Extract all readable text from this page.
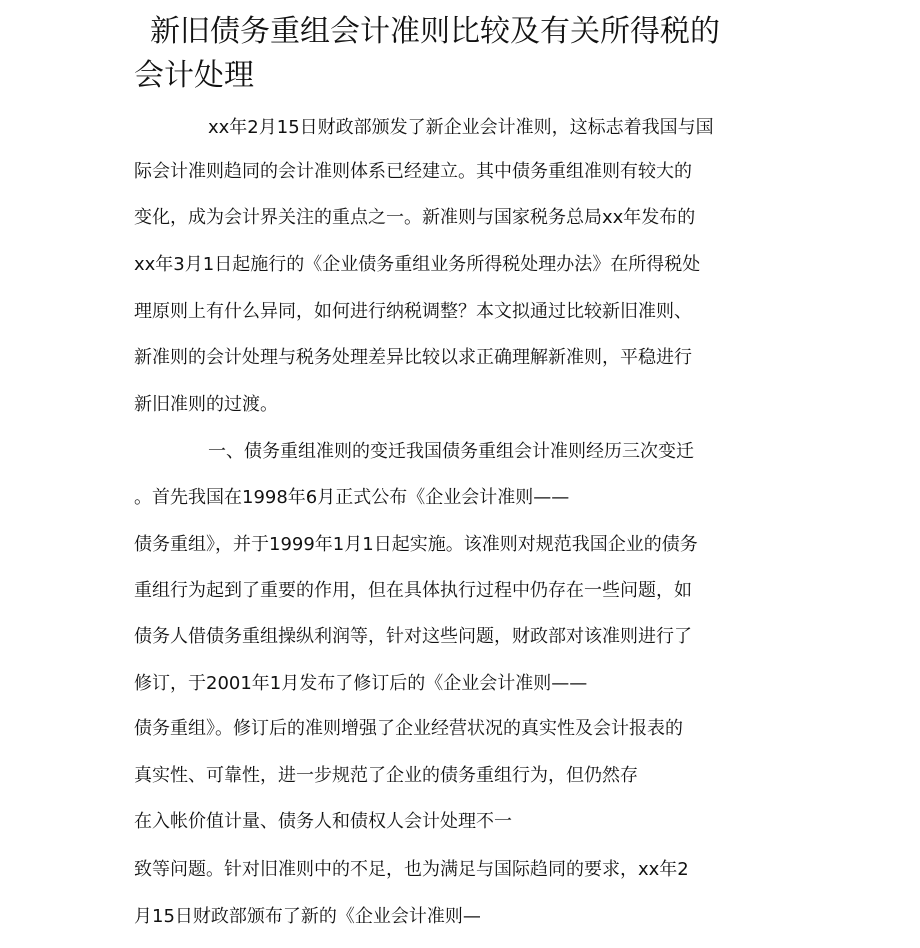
新旧债务重组会计准则比较及有关所得税的
会计处理
xx年2月15日财政部颁发了新企业会计准则，这标志着我国与国
际会计准则趋同的会计准则体系已经建立。其中债务重组准则有较大的
变化，成为会计界关注的重点之一。新准则与国家税务总局xx年发布的
xx年3月1日起施行的《企业债务重组业务所得税处理办法》在所得税处
理原则上有什么异同，如何进行纳税调整？本文拟通过比较新旧准则、
新准则的会计处理与税务处理差异比较以求正确理解新准则，平稳进行
新旧准则的过渡。
一、债务重组准则的变迁我国债务重组会计准则经历三次变迁
。首先我国在1998年6月正式公布《企业会计准则——
债务重组》，并于1999年1月1日起实施。该准则对规范我国企业的债务
重组行为起到了重要的作用，但在具体执行过程中仍存在一些问题，如
债务人借债务重组操纵利润等，针对这些问题，财政部对该准则进行了
修订，于2001年1月发布了修订后的《企业会计准则——
债务重组》。修订后的准则增强了企业经营状况的真实性及会计报表的
真实性、可靠性，进一步规范了企业的债务重组行为，但仍然存
在入帐价值计量、债务人和债权人会计处理不一
致等问题。针对旧准则中的不足，也为满足与国际趋同的要求，xx年2
月15日财政部颁布了新的《企业会计准则—
